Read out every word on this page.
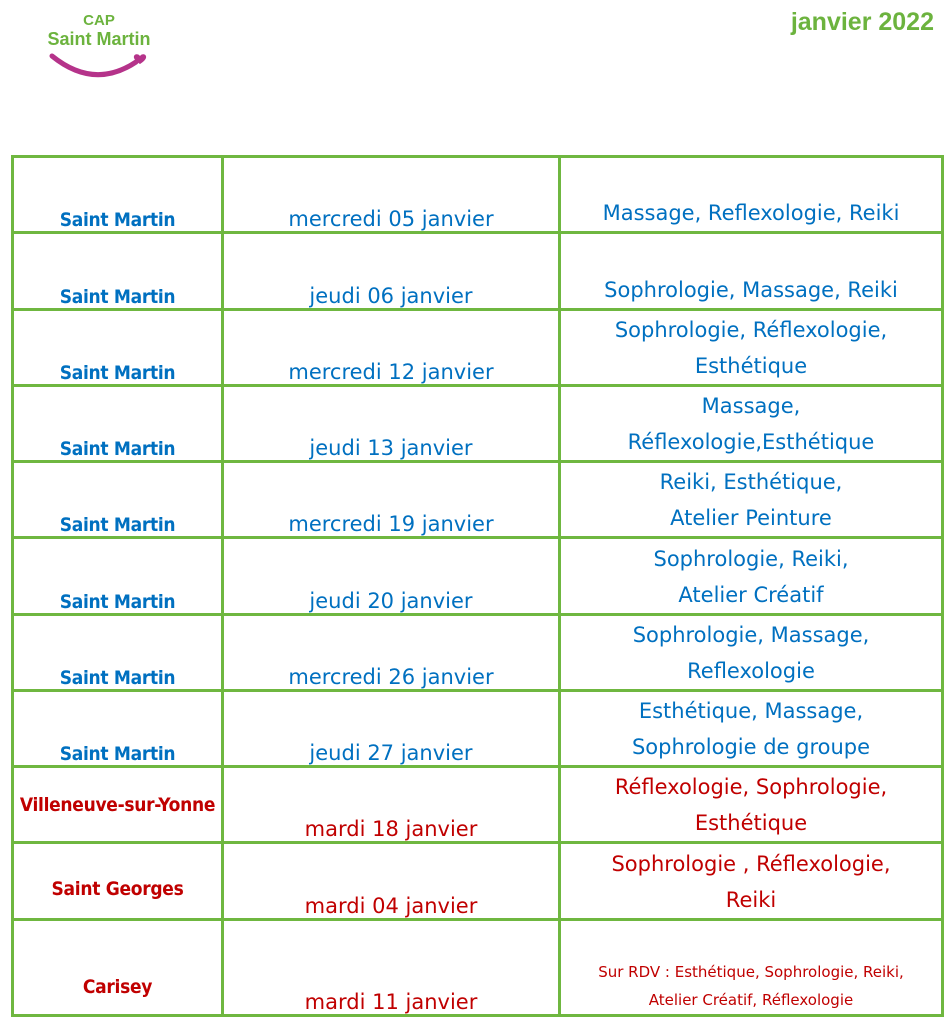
CAP
Saint Martin
janvier 2022
Saint Martin	mercredi 05 janvier	Massage, Reflexologie, Reiki

Saint Martin	jeudi 06 janvier	Sophrologie, Massage, Reiki

Saint Martin	mercredi 12 janvier	Sophrologie, Réflexologie,
Esthétique

Saint Martin	jeudi 13 janvier	Massage,
Réflexologie,Esthétique

Saint Martin	mercredi 19 janvier	Reiki, Esthétique,
Atelier Peinture

Saint Martin	jeudi 20 janvier	Sophrologie, Reiki,
Atelier Créatif

Saint Martin	mercredi 26 janvier	Sophrologie, Massage,
Reflexologie

Saint Martin	jeudi 27 janvier	Esthétique, Massage,
Sophrologie de groupe

Villeneuve-sur-Yonne	mardi 18 janvier	Réflexologie, Sophrologie,
Esthétique

Saint Georges	mardi 04 janvier	Sophrologie , Réflexologie,
Reiki

Carisey	mardi 11 janvier	Sur RDV : Esthétique, Sophrologie, Reiki,
Atelier Créatif, Réflexologie
